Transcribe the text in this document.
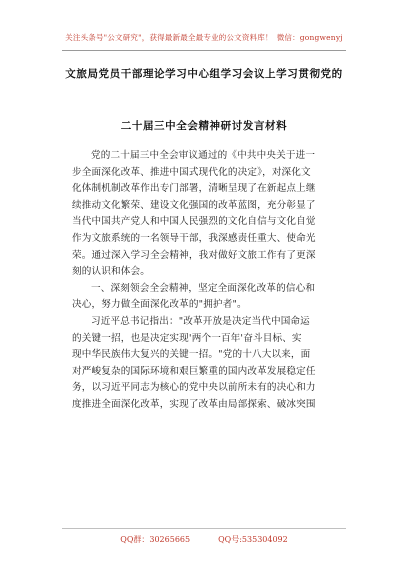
关注头条号"公文研究"，获得最新最全最专业的公文资料库！ 微信：gongwenyj
文旅局党员干部理论学习中心组学习会议上学习贯彻党的
二十届三中全会精神研讨发言材料
党的二十届三中全会审议通过的《中共中央关于进一
步全面深化改革、推进中国式现代化的决定》，对深化文
化体制机制改革作出专门部署，清晰呈现了在新起点上继
续推动文化繁荣、建设文化强国的改革蓝图，充分彰显了
当代中国共产党人和中国人民强烈的文化自信与文化自觉
作为文旅系统的一名领导干部，我深感责任重大、使命光
荣。通过深入学习全会精神，我对做好文旅工作有了更深
刻的认识和体会。
一、深刻领会全会精神，坚定全面深化改革的信心和
决心，努力做全面深化改革的"拥护者"。
习近平总书记指出："改革开放是决定当代中国命运
的关键一招，也是决定实现'两个一百年'奋斗目标、实
现中华民族伟大复兴的关键一招。"党的十八大以来，面
对严峻复杂的国际环境和艰巨繁重的国内改革发展稳定任
务，以习近平同志为核心的党中央以前所未有的决心和力
度推进全面深化改革，实现了改革由局部探索、破冰突围
QQ群：30265665	QQ号:535304092
